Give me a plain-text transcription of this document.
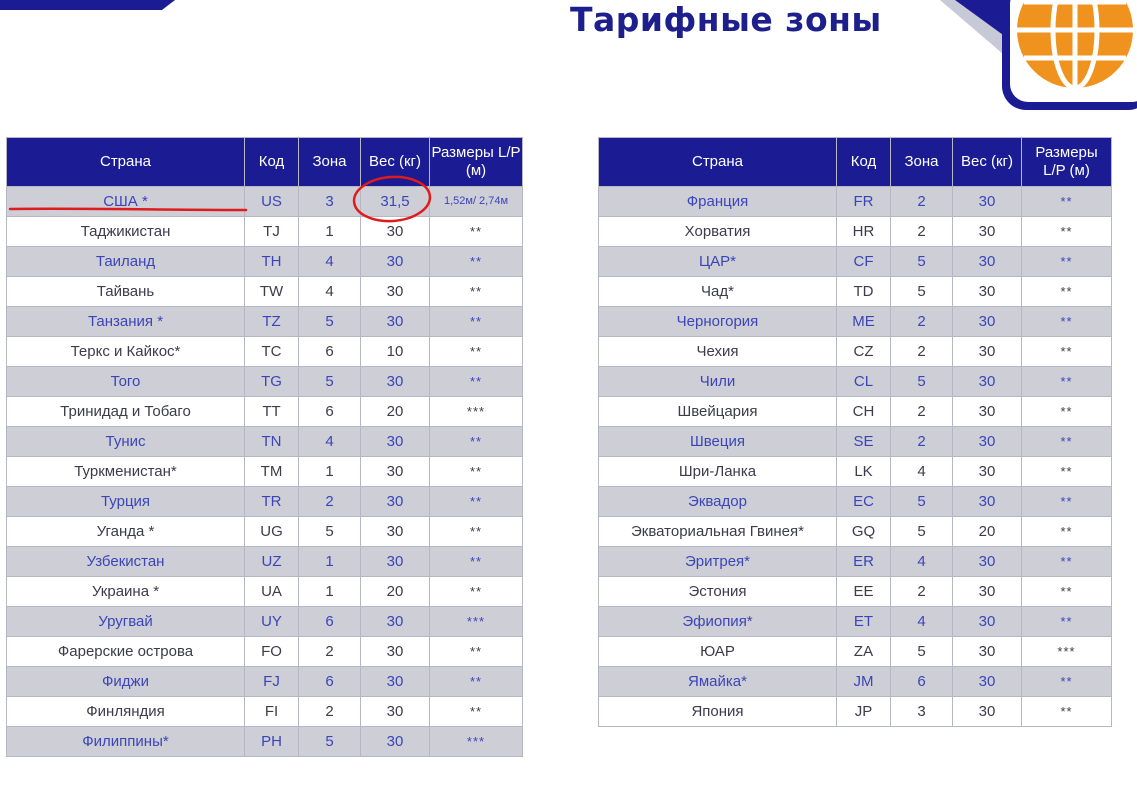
Тарифные зоны
Страна	Код	Зона	Вес (кг)	Размеры L/P (м)
США *	US	3	31,5	1,52м/ 2,74м
Таджикистан	TJ	1	30	**
Таиланд	TH	4	30	**
Тайвань	TW	4	30	**
Танзания *	TZ	5	30	**
Теркс и Кайкос*	TC	6	10	**
Того	TG	5	30	**
Тринидад и Тобаго	TT	6	20	***
Тунис	TN	4	30	**
Туркменистан*	TM	1	30	**
Турция	TR	2	30	**
Уганда *	UG	5	30	**
Узбекистан	UZ	1	30	**
Украина *	UA	1	20	**
Уругвай	UY	6	30	***
Фарерские острова	FO	2	30	**
Фиджи	FJ	6	30	**
Финляндия	FI	2	30	**
Филиппины*	PH	5	30	***
Страна	Код	Зона	Вес (кг)	Размеры L/P (м)
Франция	FR	2	30	**
Хорватия	HR	2	30	**
ЦАР*	CF	5	30	**
Чад*	TD	5	30	**
Черногория	ME	2	30	**
Чехия	CZ	2	30	**
Чили	CL	5	30	**
Швейцария	CH	2	30	**
Швеция	SE	2	30	**
Шри-Ланка	LK	4	30	**
Эквадор	EC	5	30	**
Экваториальная Гвинея*	GQ	5	20	**
Эритрея*	ER	4	30	**
Эстония	EE	2	30	**
Эфиопия*	ET	4	30	**
ЮАР	ZA	5	30	***
Ямайка*	JM	6	30	**
Япония	JP	3	30	**
